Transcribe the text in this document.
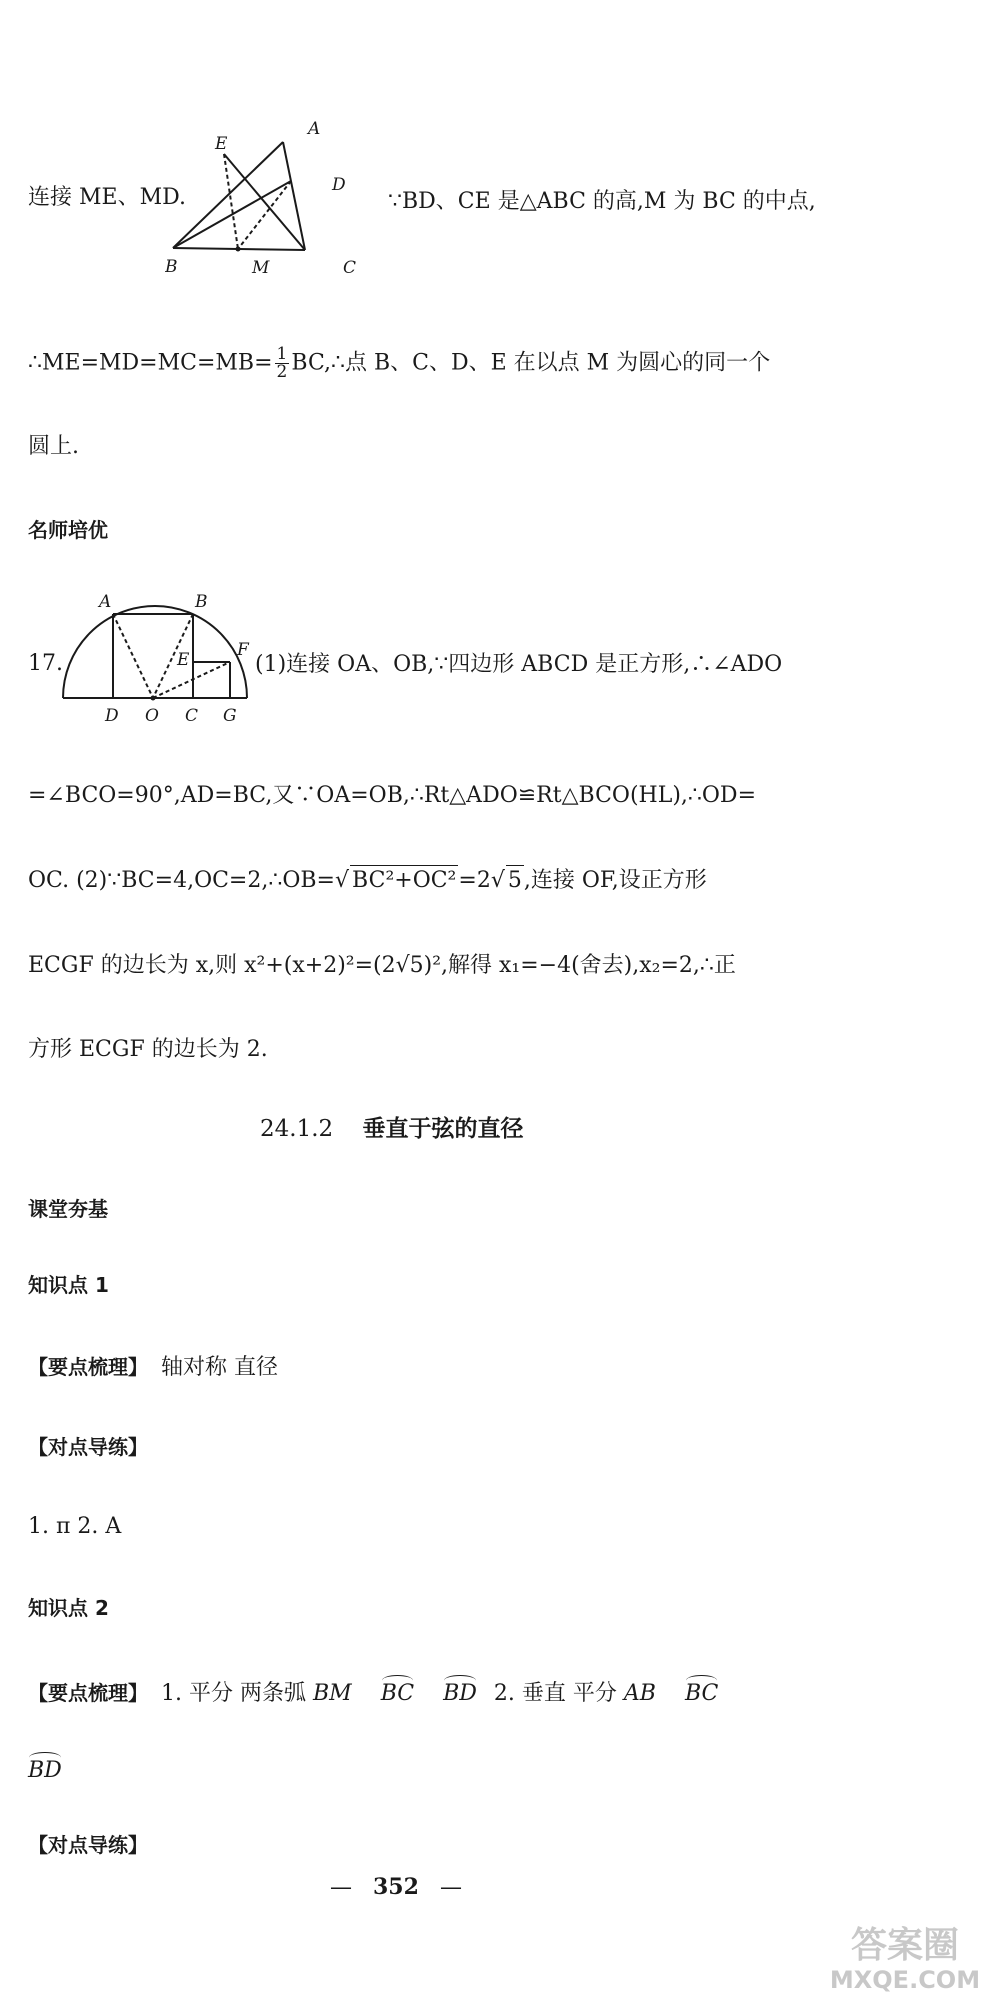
连接 ME、MD.
A
E
D
B	M	C
∵BD、CE 是△ABC 的高,M 为 BC 的中点,
∴ME=MD=MC=MB= $\frac{1}{2}$ BC,∴点 B、C、D、E 在以点 M 为圆心的同一个
圆上.
名师培优
17.
A	B
E	F
D O C G
(1)连接 OA、OB,∵四边形 ABCD 是正方形,∴∠ADO
=∠BCO=90°,AD=BC,又∵OA=OB,∴Rt△ADO≌Rt△BCO(HL),∴OD=
OC. (2)∵BC=4,OC=2,∴OB=√ BC²+OC²=2√ 5,连接 OF,设正方形
ECGF 的边长为 x,则 x²+(x+2)²=(2√5)²,解得 x₁=−4(舍去),x₂=2,∴正
方形 ECGF 的边长为 2.
24.1.2 垂直于弦的直径
课堂夯基
知识点 1
【要点梳理】 轴对称 直径
【对点导练】
1. π 2. A
知识点 2
【要点梳理】 1. 平分 两条弧 BM BC BD 2. 垂直 平分 AB BC
BD
【对点导练】
— 352 —
答案圈
MXQE.COM
